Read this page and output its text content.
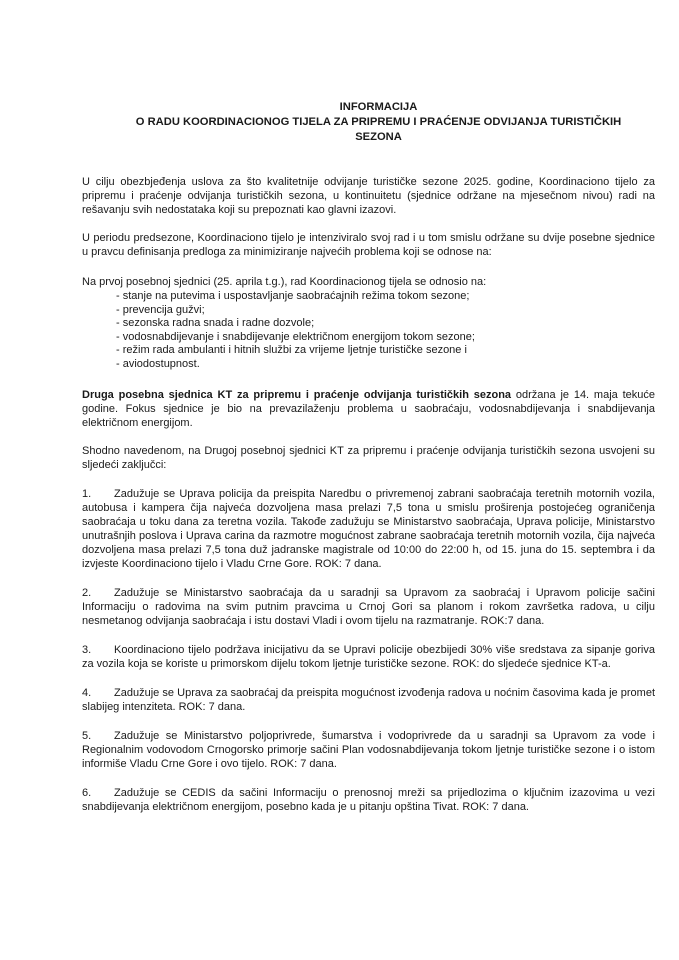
INFORMACIJA
O RADU KOORDINACIONOG TIJELA ZA PRIPREMU I PRAĆENJE ODVIJANJA TURISTIČKIH
SEZONA

U cilju obezbjeđenja uslova za što kvalitetnije odvijanje turističke sezone 2025. godine, Koordinaciono tijelo za pripremu i praćenje odvijanja turističkih sezona, u kontinuitetu (sjednice održane na mjesečnom nivou) radi na rešavanju svih nedostataka koji su prepoznati kao glavni izazovi.

U periodu predsezone, Koordinaciono tijelo je intenziviralo svoj rad i u tom smislu održane su dvije posebne sjednice u pravcu definisanja predloga za minimiziranje najvećih problema koji se odnose na:

Na prvoj posebnoj sjednici (25. aprila t.g.), rad Koordinacionog tijela se odnosio na:

- stanje na putevima i uspostavljanje saobraćajnih režima tokom sezone;
- prevencija gužvi;
- sezonska radna snada i radne dozvole;
- vodosnabdijevanje i snabdijevanje električnom energijom tokom sezone;
- režim rada ambulanti i hitnih službi za vrijeme ljetnje turističke sezone i
- aviodostupnost.

Druga posebna sjednica KT za pripremu i praćenje odvijanja turističkih sezona održana je 14. maja tekuće godine. Fokus sjednice je bio na prevazilaženju problema u saobraćaju, vodosnabdijevanja i snabdijevanja električnom energijom.

Shodno navedenom, na Drugoj posebnoj sjednici KT za pripremu i praćenje odvijanja turističkih sezona usvojeni su sljedeći zaključci:

1. Zadužuje se Uprava policija da preispita Naredbu o privremenoj zabrani saobraćaja teretnih motornih vozila, autobusa i kampera čija najveća dozvoljena masa prelazi 7,5 tona u smislu proširenja postojećeg ograničenja saobraćaja u toku dana za teretna vozila. Takođe zadužuju se Ministarstvo saobraćaja, Uprava policije, Ministarstvo unutrašnjih poslova i Uprava carina da razmotre mogućnost zabrane saobraćaja teretnih motornih vozila, čija najveća dozvoljena masa prelazi 7,5 tona duž jadranske magistrale od 10:00 do 22:00 h, od 15. juna do 15. septembra i da izvjeste Koordinaciono tijelo i Vladu Crne Gore. ROK: 7 dana.
2. Zadužuje se Ministarstvo saobraćaja da u saradnji sa Upravom za saobraćaj i Upravom policije sačini Informaciju o radovima na svim putnim pravcima u Crnoj Gori sa planom i rokom završetka radova, u cilju nesmetanog odvijanja saobraćaja i istu dostavi Vladi i ovom tijelu na razmatranje. ROK:7 dana.
3. Koordinaciono tijelo podržava inicijativu da se Upravi policije obezbijedi 30% više sredstava za sipanje goriva za vozila koja se koriste u primorskom dijelu tokom ljetnje turističke sezone. ROK: do sljedeće sjednice KT-a.
4. Zadužuje se Uprava za saobraćaj da preispita mogućnost izvođenja radova u noćnim časovima kada je promet slabijeg intenziteta. ROK: 7 dana.
5. Zadužuje se Ministarstvo poljoprivrede, šumarstva i vodoprivrede da u saradnji sa Upravom za vode i Regionalnim vodovodom Crnogorsko primorje sačini Plan vodosnabdijevanja tokom ljetnje turističke sezone i o istom informiše Vladu Crne Gore i ovo tijelo. ROK: 7 dana.
6. Zadužuje se CEDIS da sačini Informaciju o prenosnoj mreži sa prijedlozima o ključnim izazovima u vezi snabdijevanja električnom energijom, posebno kada je u pitanju opština Tivat. ROK: 7 dana.
